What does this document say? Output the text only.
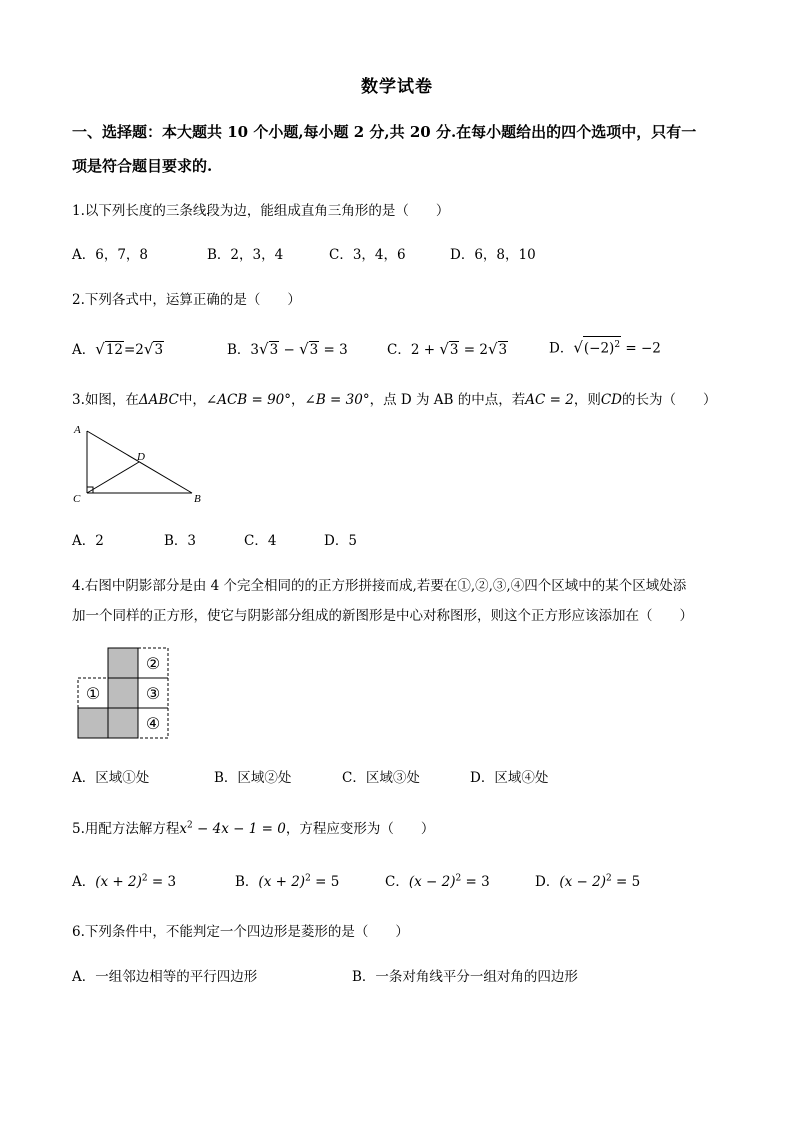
数学试卷
一、选择题：本大题共 10 个小题,每小题 2 分,共 20 分.在每小题给出的四个选项中，只有一
项是符合题目要求的.
1.以下列长度的三条线段为边，能组成直角三角形的是（　　）
A．6，7，8	B．2，3，4	C．3，4，6	D．6，8，10
2.下列各式中，运算正确的是（　　）
A．√12=2√3	B．3√3 − √3 = 3	C．2 + √3 = 2√3	D．$√(-2)^2 = -2$
3.如图，在ΔABC中，∠ACB = 90°，∠B = 30°，点 D 为 AB 的中点，若AC = 2，则CD的长为（　　）
A
D
C	B
A．2	B．3	C．4	D．5
4.右图中阴影部分是由 4 个完全相同的的正方形拼接而成,若要在①,②,③,④四个区域中的某个区域处添
加一个同样的正方形，使它与阴影部分组成的新图形是中心对称图形，则这个正方形应该添加在（　　）
①
②
③
④
A．区域①处	B．区域②处	C．区域③处	D．区域④处
5.用配方法解方程$x^2 - 4x - 1 = 0$，方程应变形为（　　）
A．$(x + 2)^2 = 3$	B．$(x + 2)^2 = 5$	C．$(x - 2)^2 = 3$	D．$(x - 2)^2 = 5$
6.下列条件中，不能判定一个四边形是菱形的是（　　）
A．一组邻边相等的平行四边形	B．一条对角线平分一组对角的四边形
